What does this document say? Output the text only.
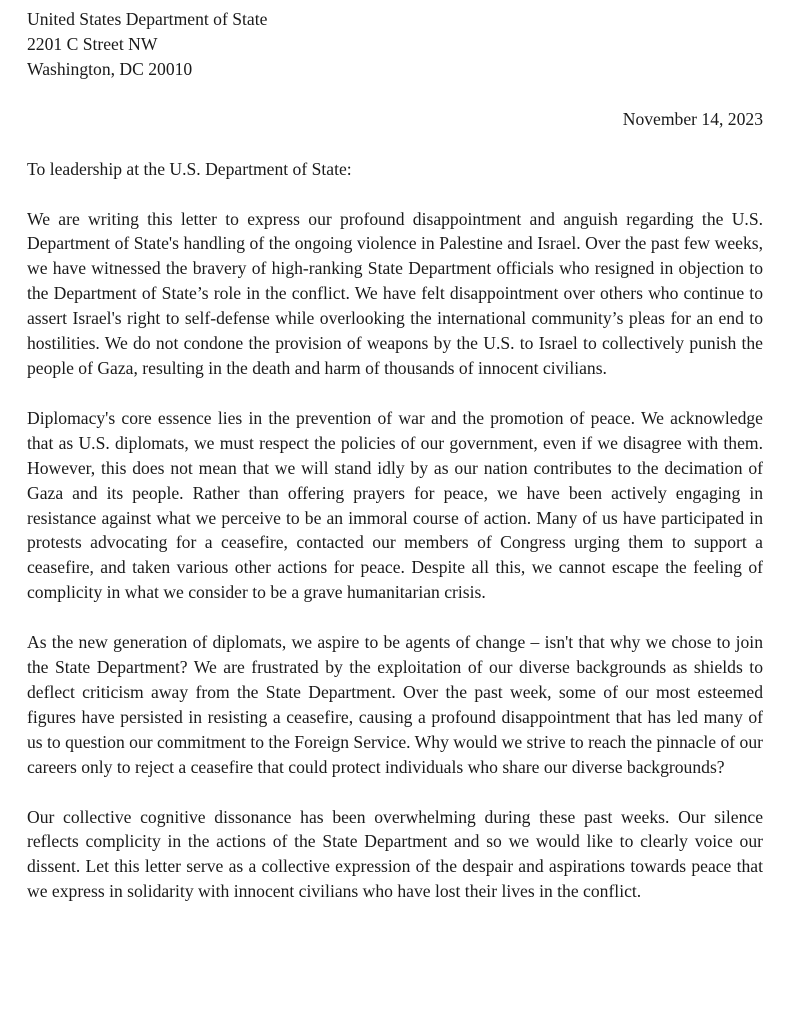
United States Department of State
2201 C Street NW
Washington, DC 20010
November 14, 2023
To leadership at the U.S. Department of State:

We are writing this letter to express our profound disappointment and anguish regarding the U.S. Department of State's handling of the ongoing violence in Palestine and Israel. Over the past few weeks, we have witnessed the bravery of high-ranking State Department officials who resigned in objection to the Department of State’s role in the conflict. We have felt disappointment over others who continue to assert Israel's right to self-defense while overlooking the international community’s pleas for an end to hostilities. We do not condone the provision of weapons by the U.S. to Israel to collectively punish the people of Gaza, resulting in the death and harm of thousands of innocent civilians.

Diplomacy's core essence lies in the prevention of war and the promotion of peace. We acknowledge that as U.S. diplomats, we must respect the policies of our government, even if we disagree with them. However, this does not mean that we will stand idly by as our nation contributes to the decimation of Gaza and its people. Rather than offering prayers for peace, we have been actively engaging in resistance against what we perceive to be an immoral course of action. Many of us have participated in protests advocating for a ceasefire, contacted our members of Congress urging them to support a ceasefire, and taken various other actions for peace. Despite all this, we cannot escape the feeling of complicity in what we consider to be a grave humanitarian crisis.

As the new generation of diplomats, we aspire to be agents of change – isn't that why we chose to join the State Department? We are frustrated by the exploitation of our diverse backgrounds as shields to deflect criticism away from the State Department. Over the past week, some of our most esteemed figures have persisted in resisting a ceasefire, causing a profound disappointment that has led many of us to question our commitment to the Foreign Service. Why would we strive to reach the pinnacle of our careers only to reject a ceasefire that could protect individuals who share our diverse backgrounds?

Our collective cognitive dissonance has been overwhelming during these past weeks. Our silence reflects complicity in the actions of the State Department and so we would like to clearly voice our dissent. Let this letter serve as a collective expression of the despair and aspirations towards peace that we express in solidarity with innocent civilians who have lost their lives in the conflict.
